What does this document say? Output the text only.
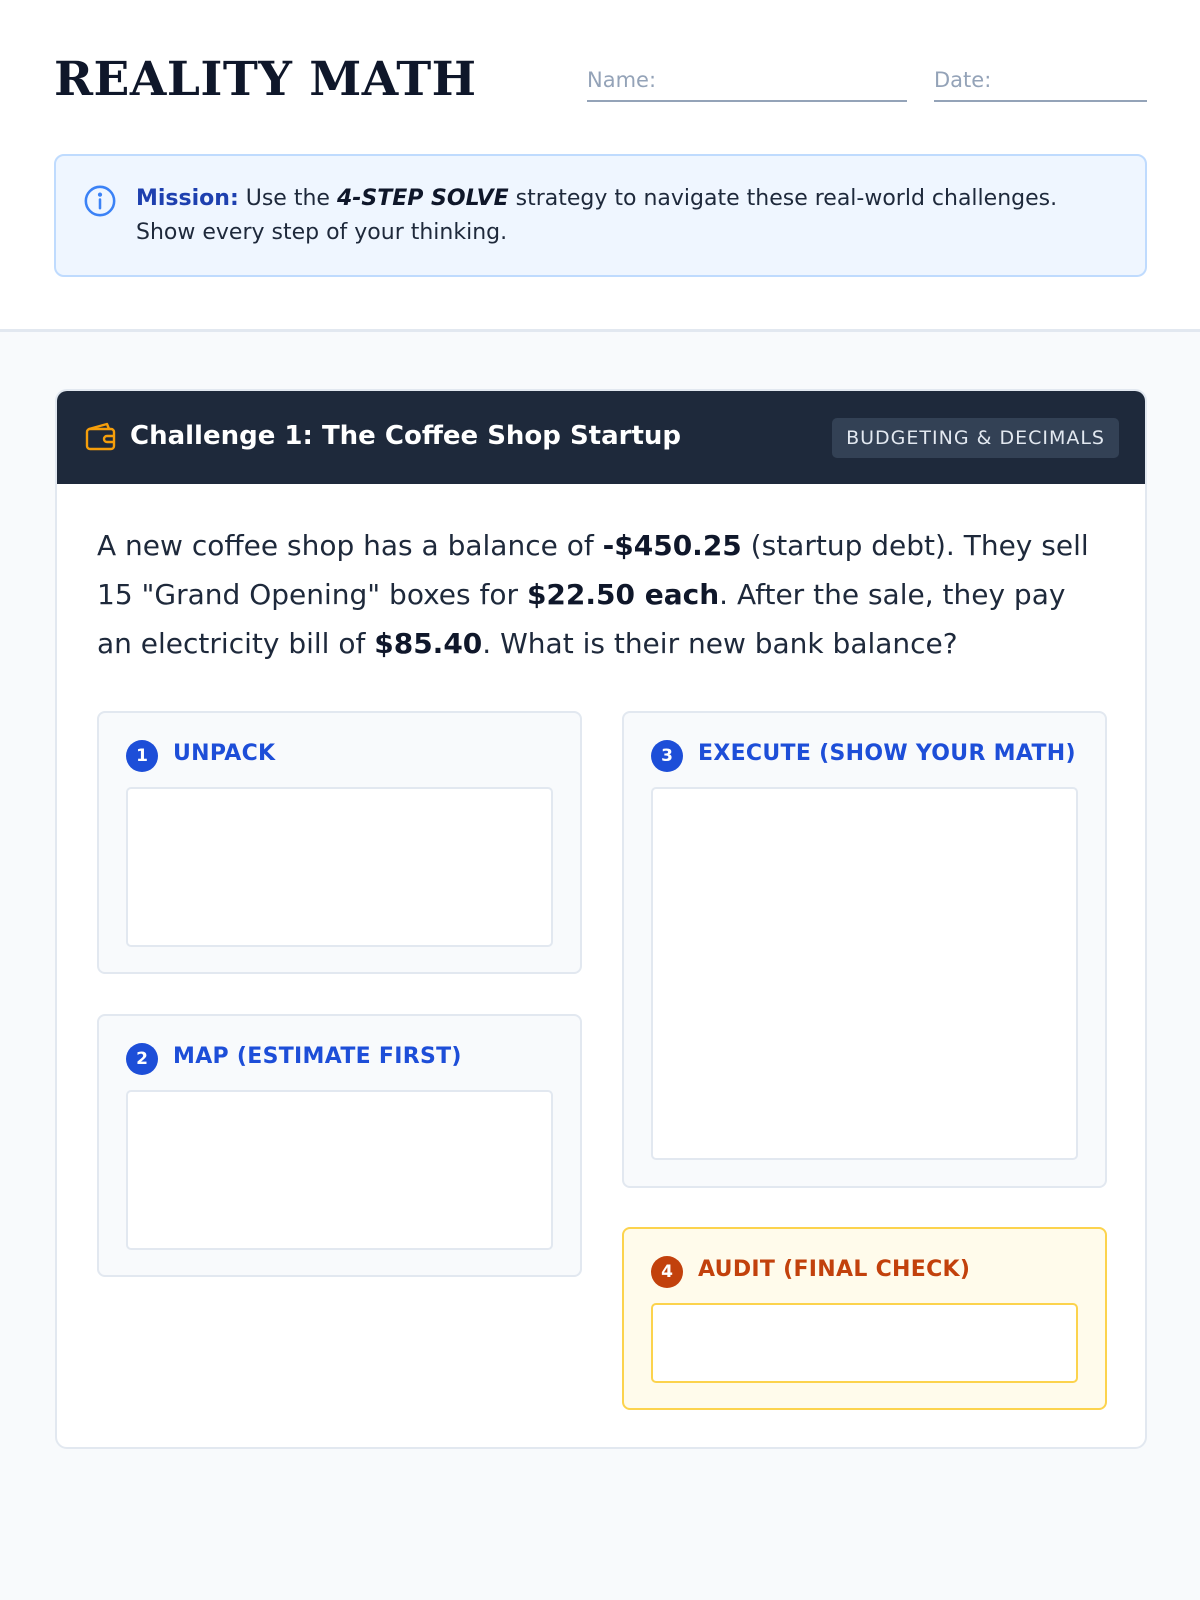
REALITY MATH	Name:	Date:
Mission: Use the 4-STEP SOLVE strategy to navigate these real-world challenges. Show every step of your thinking.
Challenge 1: The Coffee Shop Startup	BUDGETING & DECIMALS
A new coffee shop has a balance of -$450.25 (startup debt). They sell 15 "Grand Opening" boxes for $22.50 each. After the sale, they pay an electricity bill of $85.40. What is their new bank balance?
1	UNPACK
2	MAP (ESTIMATE FIRST)
3	EXECUTE (SHOW YOUR MATH)
4	AUDIT (FINAL CHECK)
